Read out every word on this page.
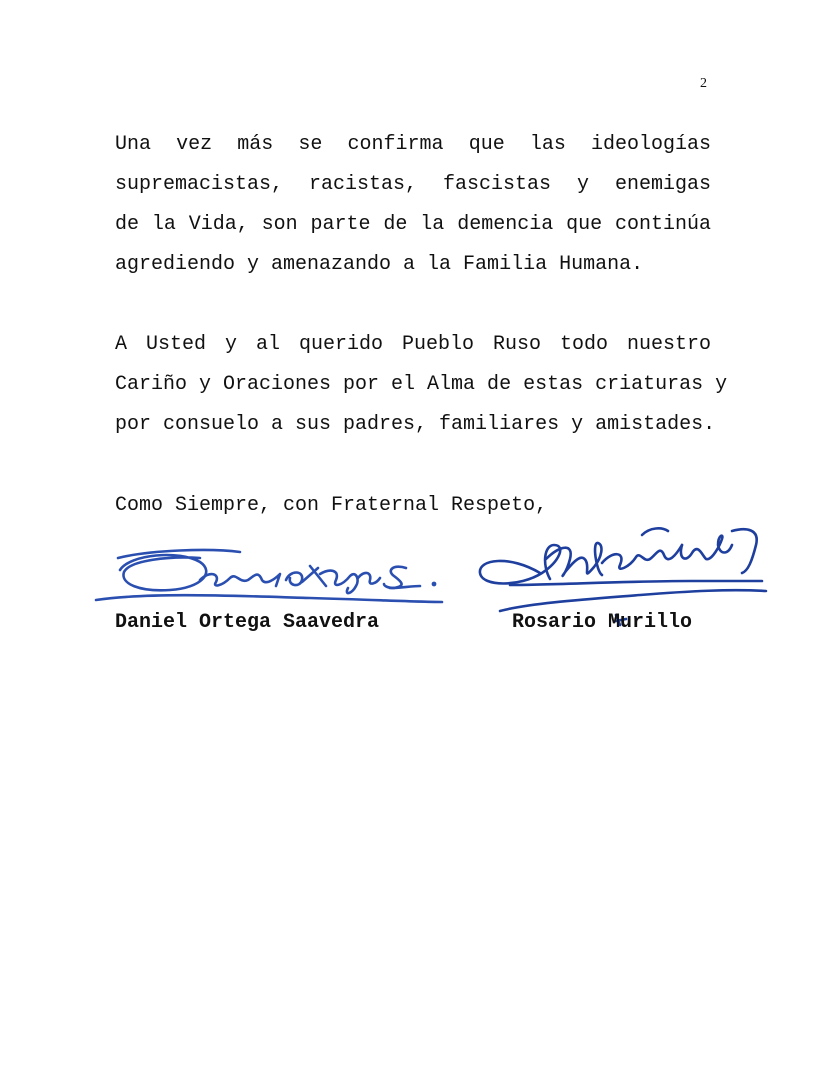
2
Una vez más se confirma que las ideologías
supremacistas, racistas, fascistas y enemigas
de la Vida, son parte de la demencia que continúa
agrediendo y amenazando a la Familia Humana.
A Usted y al querido Pueblo Ruso todo nuestro
Cariño y Oraciones por el Alma de estas criaturas y
por consuelo a sus padres, familiares y amistades.
Como Siempre, con Fraternal Respeto,
Daniel Ortega Saavedra	Rosario Murillo
